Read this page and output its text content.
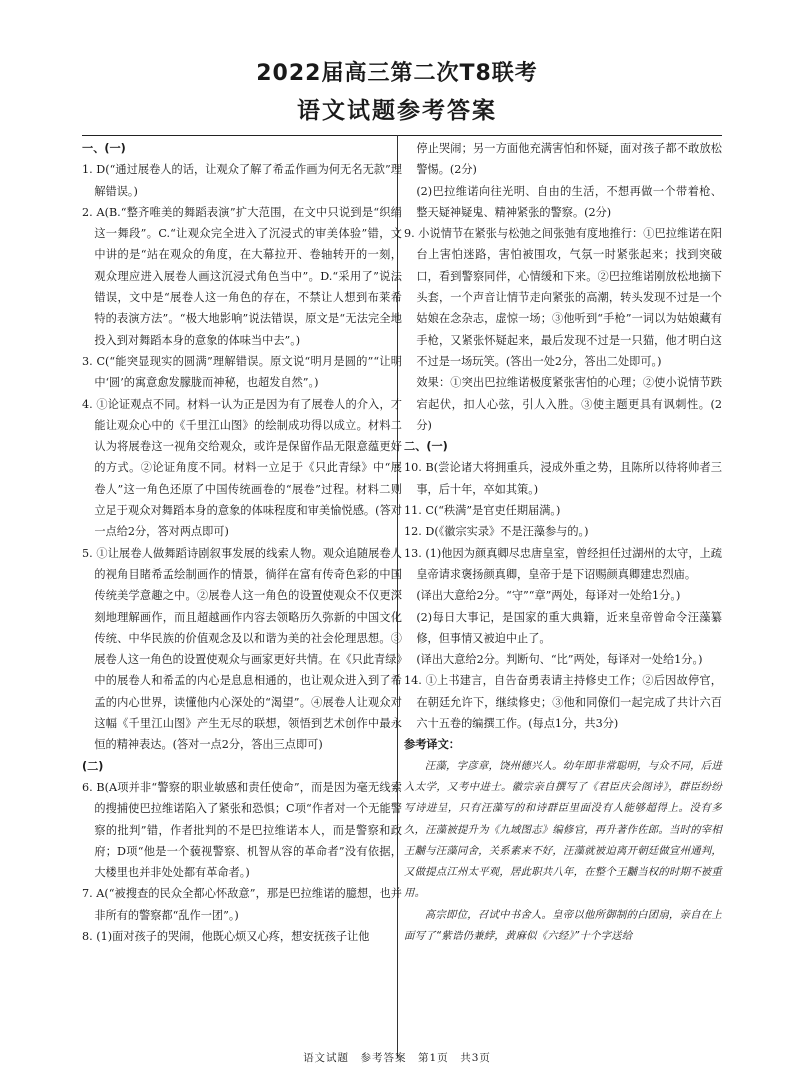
2022届高三第二次T8联考
语文试题参考答案

一、(一)

1. D(“通过展卷人的话，让观众了解了希孟作画为何无名无款”理解错误。)

2. A(B.“整齐唯美的舞蹈表演”扩大范围，在文中只说到是“织绢这一舞段”。C.“让观众完全进入了沉浸式的审美体验”错，文中讲的是“站在观众的角度，在大幕拉开、卷轴转开的一刻，观众理应进入展卷人画这沉浸式角色当中”。D.“采用了”说法错误，文中是“展卷人这一角色的存在，不禁让人想到布莱希特的表演方法”。“极大地影响”说法错误，原文是“无法完全地投入到对舞蹈本身的意象的体味当中去”。)

3. C(“能突显现实的圆满”理解错误。原文说“明月是圆的”“让明中‘圆’的寓意愈发朦胧而神秘，也超发自然”。)

4. ①论证观点不同。材料一认为正是因为有了展卷人的介入，才能让观众心中的《千里江山图》的绘制成功得以成立。材料二认为将展卷这一视角交给观众，或许是保留作品无限意蕴更好的方式。②论证角度不同。材料一立足于《只此青绿》中“展卷人”这一角色还原了中国传统画卷的“展卷”过程。材料二则立足于观众对舞蹈本身的意象的体味程度和审美愉悦感。(答对一点给2分，答对两点即可)

5. ①让展卷人做舞蹈诗剧叙事发展的线索人物。观众追随展卷人的视角目睹希孟绘制画作的情景，徜徉在富有传奇色彩的中国传统美学意趣之中。②展卷人这一角色的设置使观众不仅更深刻地理解画作，而且超越画作内容去领略历久弥新的中国文化传统、中华民族的价值观念及以和谐为美的社会伦理思想。③展卷人这一角色的设置使观众与画家更好共情。在《只此青绿》中的展卷人和希孟的内心是息息相通的，也让观众进入到了希孟的内心世界，读懂他内心深处的“渴望”。④展卷人让观众对这幅《千里江山图》产生无尽的联想，领悟到艺术创作中最永恒的精神表达。(答对一点2分，答出三点即可)

(二)

6. B(A项并非“警察的职业敏感和责任使命”，而是因为毫无线索的搜捕使巴拉维诺陷入了紧张和恐惧；C项“作者对一个无能警察的批判”错，作者批判的不是巴拉维诺本人，而是警察和政府；D项“他是一个藐视警察、机智从容的革命者”没有依据，大楼里也并非处处都有革命者。)

7. A(“被搜查的民众全都心怀敌意”，那是巴拉维诺的臆想，也并非所有的警察都“乱作一团”。)

8. (1)面对孩子的哭闹，他既心烦又心疼，想安抚孩子让他

停止哭闹；另一方面他充满害怕和怀疑，面对孩子都不敢放松警惕。(2分)

(2)巴拉维诺向往光明、自由的生活，不想再做一个带着枪、整天疑神疑鬼、精神紧张的警察。(2分)

9. 小说情节在紧张与松弛之间张弛有度地推行：①巴拉维诺在阳台上害怕迷路，害怕被围攻，气氛一时紧张起来；找到突破口，看到警察同伴，心情缓和下来。②巴拉维诺刚放松地摘下头套，一个声音让情节走向紧张的高潮，转头发现不过是一个姑娘在念杂志，虚惊一场；③他听到“手枪”一词以为姑娘藏有手枪，又紧张怀疑起来，最后发现不过是一只猫，他才明白这不过是一场玩笑。(答出一处2分，答出二处即可。)

效果：①突出巴拉维诺极度紧张害怕的心理；②使小说情节跌宕起伏，扣人心弦，引人入胜。③使主题更具有讽刺性。(2分)

二、(一)

10. B(尝论诸大将拥重兵，浸成外重之势，且陈所以待将帅者三事，后十年，卒如其策。)

11. C(“秩满”是官吏任期届满。)

12. D(《徽宗实录》不是汪藻参与的。)

13. (1)他因为颜真卿尽忠唐皇室，曾经担任过湖州的太守，上疏皇帝请求褒扬颜真卿，皇帝于是下诏赐颜真卿建忠烈庙。

(译出大意给2分。“守”“章”两处，每译对一处给1分。)

(2)每日大事记，是国家的重大典籍，近来皇帝曾命令汪藻纂修，但事情又被迫中止了。

(译出大意给2分。判断句、“比”两处，每译对一处给1分。)

14. ①上书建言，自告奋勇表请主持修史工作；②后因故停官，在朝廷允许下，继续修史；③他和同僚们一起完成了共计六百六十五卷的编撰工作。(每点1分，共3分)

参考译文：

汪藻，字彦章，饶州德兴人。幼年即非常聪明，与众不同，后进入太学，又考中进士。徽宗亲自撰写了《君臣庆会阁诗》，群臣纷纷写诗进呈，只有汪藻写的和诗群臣里面没有人能够超得上。没有多久，汪藻被提升为《九域图志》编修官，再升著作佐郎。当时的宰相王黼与汪藻同舍，关系素来不好，汪藻就被迫离开朝廷做宣州通判，又做提点江州太平观，居此职共八年，在整个王黼当权的时期不被重用。

高宗即位，召试中书舍人。皇帝以他所御制的白团扇，亲自在上面写了“紫诰仍兼綍，黄麻似《六经》”十个字送给

语文试题　参考答案　第1页　共3页
